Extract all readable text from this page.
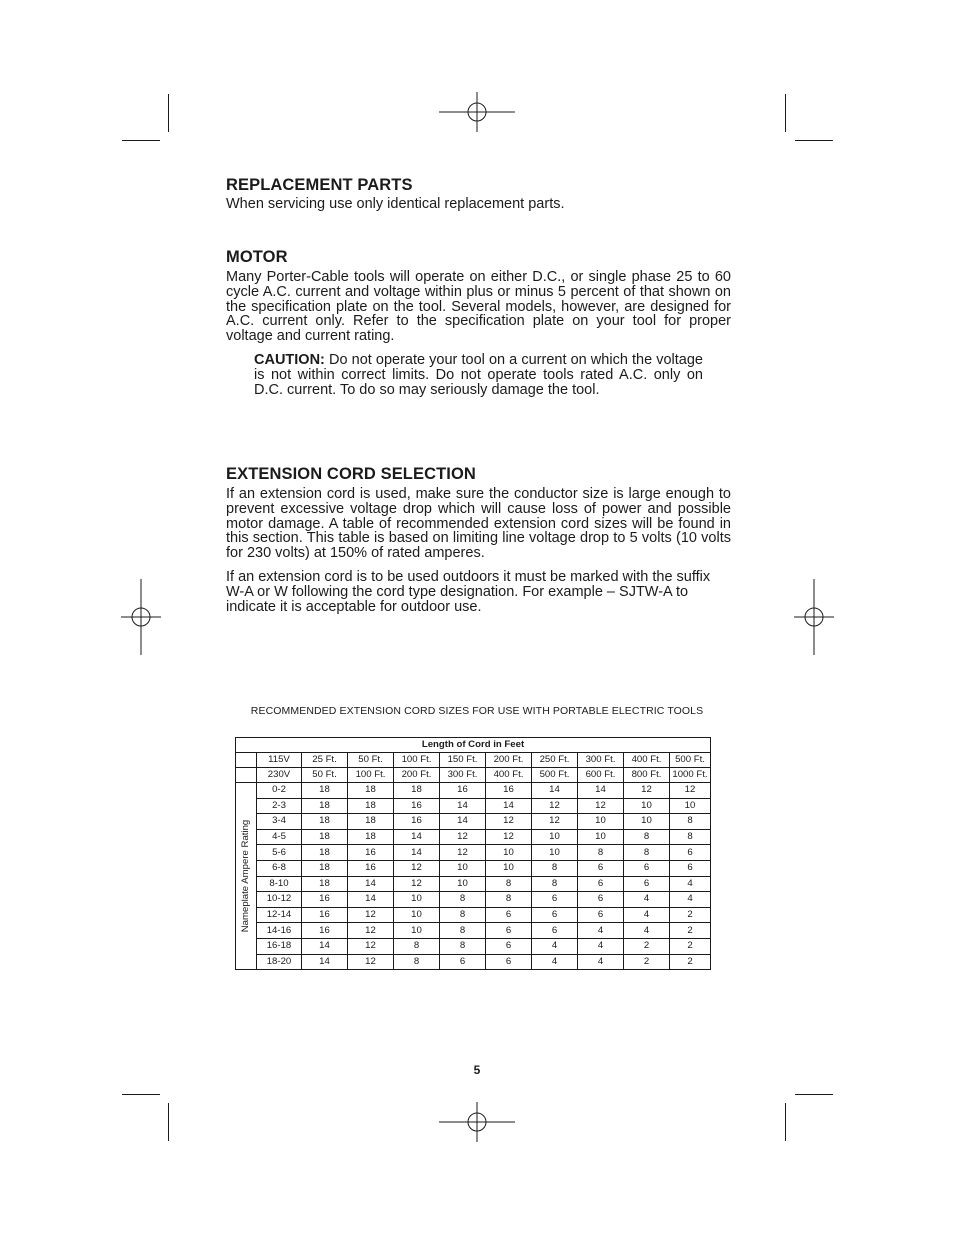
REPLACEMENT PARTS

When servicing use only identical replacement parts.

MOTOR

Many Porter-Cable tools will operate on either D.C., or single phase 25 to 60 cycle A.C. current and voltage within plus or minus 5 percent of that shown on the specification plate on the tool. Several models, however, are designed for A.C. current only. Refer to the specification plate on your tool for proper voltage and current rating.

CAUTION: Do not operate your tool on a current on which the voltage is not within correct limits. Do not operate tools rated A.C. only on D.C. current. To do so may seriously damage the tool.

EXTENSION CORD SELECTION

If an extension cord is used, make sure the conductor size is large enough to prevent excessive voltage drop which will cause loss of power and possible motor damage. A table of recommended extension cord sizes will be found in this section. This table is based on limiting line voltage drop to 5 volts (10 volts for 230 volts) at 150% of rated amperes.

If an extension cord is to be used outdoors it must be marked with the suffix W-A or W following the cord type designation. For example – SJTW-A to indicate it is acceptable for outdoor use.

RECOMMENDED EXTENSION CORD SIZES FOR USE WITH PORTABLE ELECTRIC TOOLS
Length of Cord in Feet										
	115V	25 Ft.	50 Ft.	100 Ft.	150 Ft.	200 Ft.	250 Ft.	300 Ft.	400 Ft.	500 Ft.
	230V	50 Ft.	100 Ft.	200 Ft.	300 Ft.	400 Ft.	500 Ft.	600 Ft.	800 Ft.	1000 Ft.

Nameplate Ampere Rating	0-2	18	18	18	16	16	14	14	12	12
	2-3	18	18	16	14	14	12	12	10	10
	3-4	18	18	16	14	12	12	10	10	8
	4-5	18	18	14	12	12	10	10	8	8
	5-6	18	16	14	12	10	10	8	8	6
	6-8	18	16	12	10	10	8	6	6	6
	8-10	18	14	12	10	8	8	6	6	4
	10-12	16	14	10	8	8	6	6	4	4
	12-14	16	12	10	8	6	6	6	4	2
	14-16	16	12	10	8	6	6	4	4	2
	16-18	14	12	8	8	6	4	4	2	2
	18-20	14	12	8	6	6	4	4	2	2
5
